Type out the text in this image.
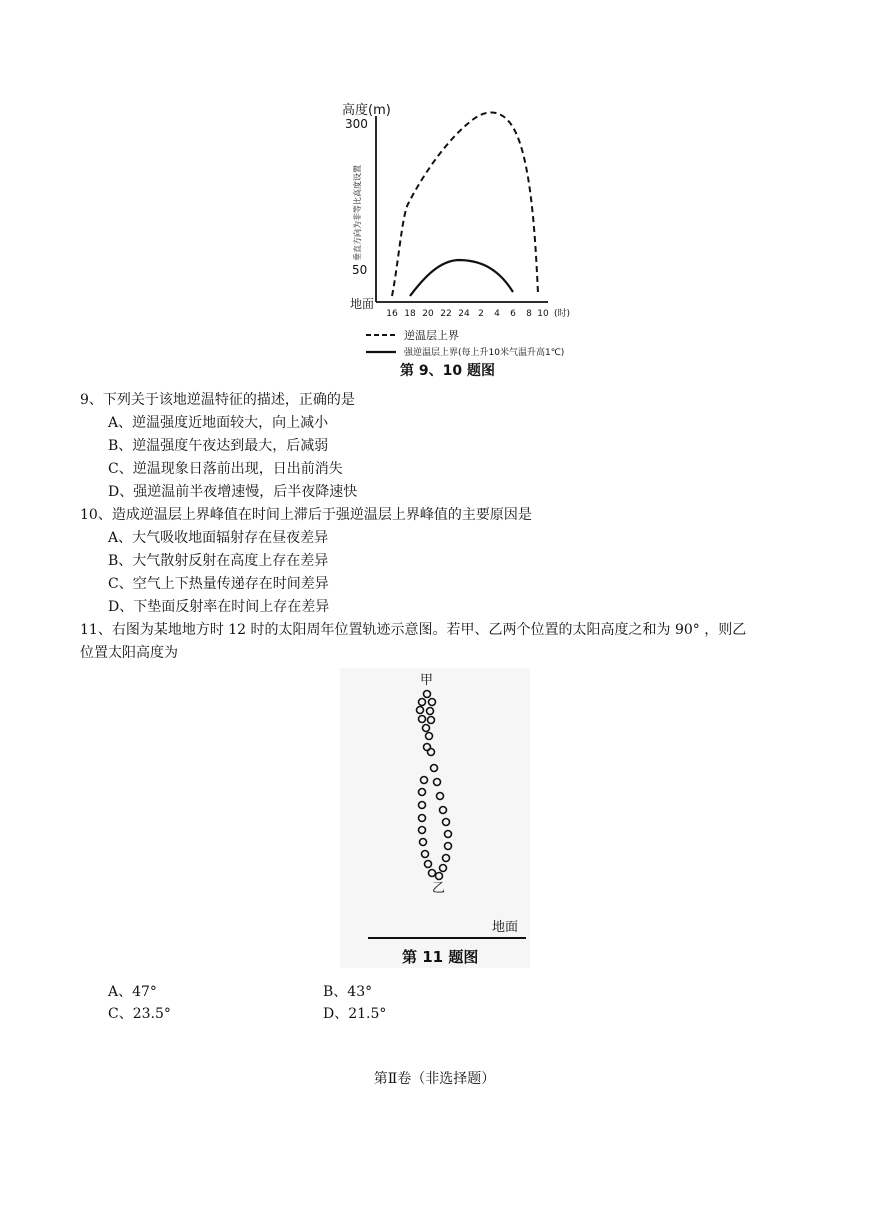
高度(m)
垂直方向为非等比高度设置
300
50
地面
16 18 20 22 24 2 4 6 8 10 (时)
逆温层上界
强逆温层上界(每上升10米气温升高1℃)
第 9、10 题图
9、下列关于该地逆温特征的描述，正确的是
A、逆温强度近地面较大，向上减小
B、逆温强度午夜达到最大，后减弱
C、逆温现象日落前出现，日出前消失
D、强逆温前半夜增速慢，后半夜降速快
10、造成逆温层上界峰值在时间上滞后于强逆温层上界峰值的主要原因是
A、大气吸收地面辐射存在昼夜差异
B、大气散射反射在高度上存在差异
C、空气上下热量传递存在时间差异
D、下垫面反射率在时间上存在差异
11、右图为某地地方时 12 时的太阳周年位置轨迹示意图。若甲、乙两个位置的太阳高度之和为 90° ，则乙
位置太阳高度为
甲
乙
地面
第 11 题图
A、47°	B、43°
C、23.5°	D、21.5°
第Ⅱ卷（非选择题）
